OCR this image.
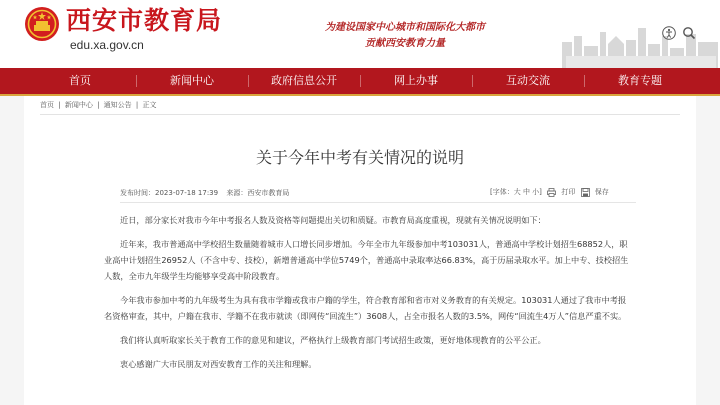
西安市教育局
edu.xa.gov.cn
为建设国家中心城市和国际化大都市
贡献西安教育力量
首页	新闻中心	政府信息公开	网上办事	互动交流	教育专题
首页 | 新闻中心 | 通知公告 | 正文
关于今年中考有关情况的说明
发布时间：2023-07-18 17:39 来源：西安市教育局	[字体：大 中 小]	打印	保存

近日，部分家长对我市今年中考报名人数及资格等问题提出关切和质疑。市教育局高度重视，现就有关情况说明如下：

近年来，我市普通高中学校招生数量随着城市人口增长同步增加。今年全市九年级参加中考103031人，普通高中学校计划招生68852人，职业高中计划招生26952人（不含中专、技校），新增普通高中学位5749个，普通高中录取率达66.83%，高于历届录取水平。加上中专、技校招生人数，全市九年级学生均能够享受高中阶段教育。

今年我市参加中考的九年级考生为具有我市学籍或我市户籍的学生，符合教育部和省市对义务教育的有关规定。103031人通过了我市中考报名资格审查，其中，户籍在我市、学籍不在我市就读（即网传“回流生”）3608人，占全市报名人数的3.5%，网传“回流生4万人”信息严重不实。

我们将认真听取家长关于教育工作的意见和建议，严格执行上级教育部门考试招生政策，更好地体现教育的公平公正。

衷心感谢广大市民朋友对西安教育工作的关注和理解。
